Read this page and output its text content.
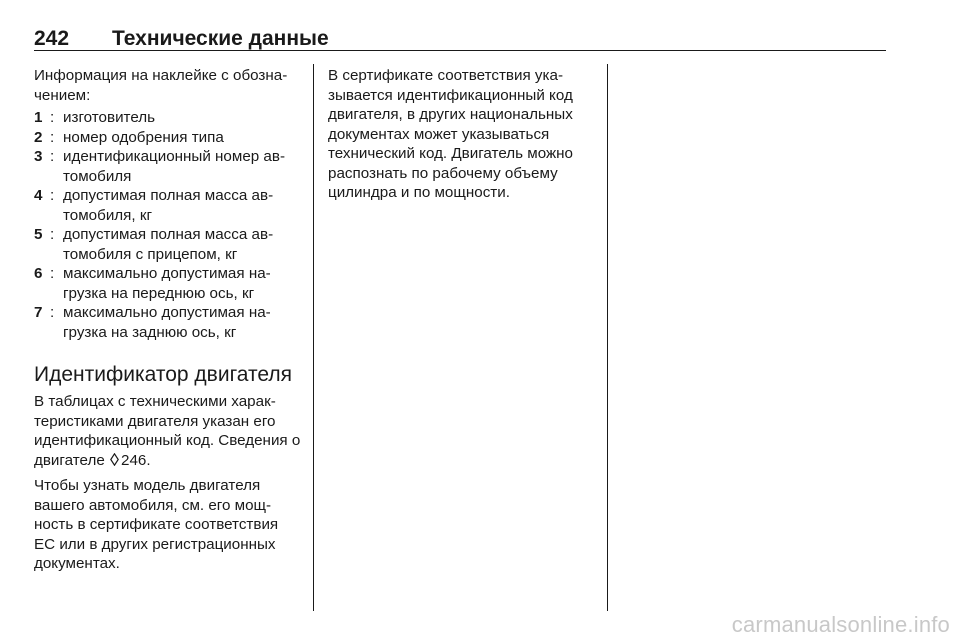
242 Технические данные

Информация на наклейке с обозначением:

1 : изготовитель
2 : номер одобрения типа
3 : идентификационный номер автомобиля
4 : допустимая полная масса автомобиля, кг
5 : допустимая полная масса автомобиля с прицепом, кг
6 : максимально допустимая нагрузка на переднюю ось, кг
7 : максимально допустимая нагрузка на заднюю ось, кг
Идентификатор двигателя

В таблицах с техническими характеристиками двигателя указан его идентификационный код. Сведения о двигателе 246.

Чтобы узнать модель двигателя вашего автомобиля, см. его мощность в сертификате соответствия ЕС или в других регистрационных документах.

В сертификате соответствия указывается идентификационный код двигателя, в других национальных документах может указываться технический код. Двигатель можно распознать по рабочему объему цилиндра и по мощности.

carmanualsonline.info
